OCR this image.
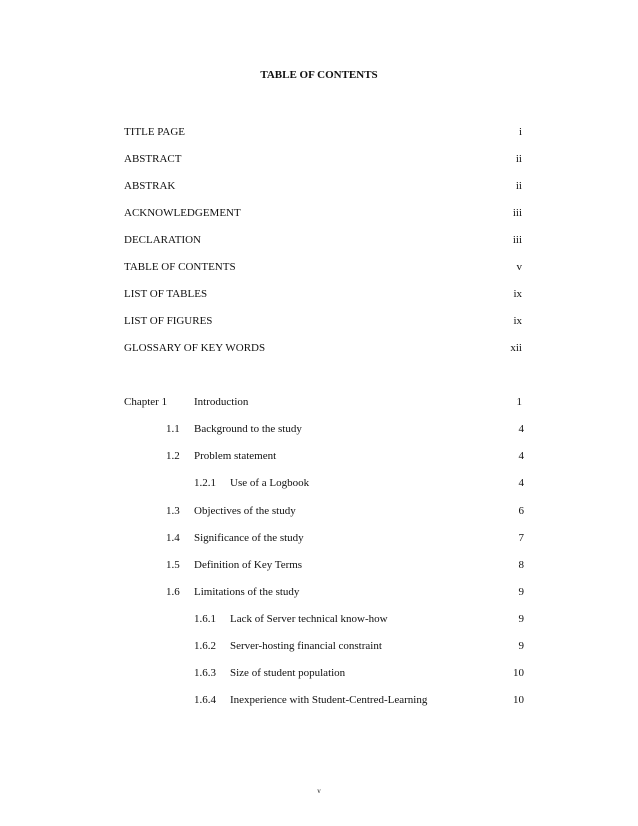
TABLE OF CONTENTS
TITLE PAGE	i
ABSTRACT	ii
ABSTRAK	ii
ACKNOWLEDGEMENT	iii
DECLARATION	iii
TABLE OF CONTENTS	v
LIST OF TABLES	ix
LIST OF FIGURES	ix
GLOSSARY OF KEY WORDS	xii
Chapter 1 Introduction	1
1.1 Background to the study	4
1.2 Problem statement	4
1.2.1 Use of a Logbook	4
1.3 Objectives of the study	6
1.4 Significance of the study	7
1.5 Definition of Key Terms	8
1.6 Limitations of the study	9
1.6.1 Lack of Server technical know-how	9
1.6.2 Server-hosting financial constraint	9
1.6.3 Size of student population	10
1.6.4 Inexperience with Student-Centred-Learning	10
v
